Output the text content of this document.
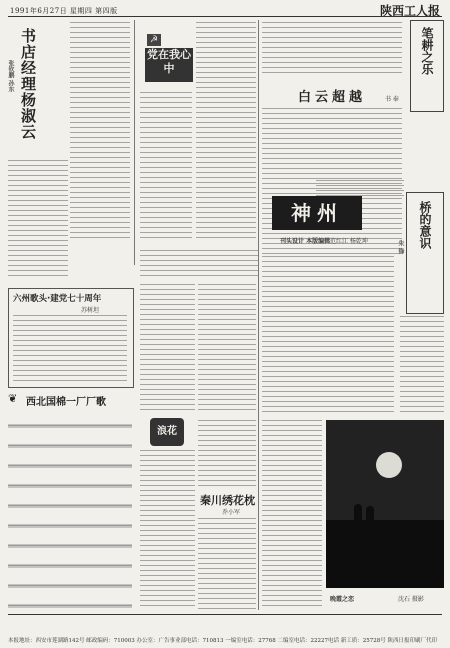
1991年6月27日 星期四 第四版	陕西工人报
书店经理杨淑云
张钦鹏 孙东
☭
党在我心中	笔耕之乐
白云超越	书 奉
六州歌头·建党七十周年
苏树坦
❦ 西北国棉一厂厂歌
神州
刊头设计 本版编辑 范红江 杨乾坤	桥的意识
朱 锋
浪花
秦川绣花枕
乔小军
晚霞之恋	沈石 摄影
本报地址：西安市莲湖路142号 邮政编码：710003 办公室：广告事业部电话：710813 一编室电话：27768 二编室电话：22227电话 新工质：25728号 陕西日报印刷厂代印
